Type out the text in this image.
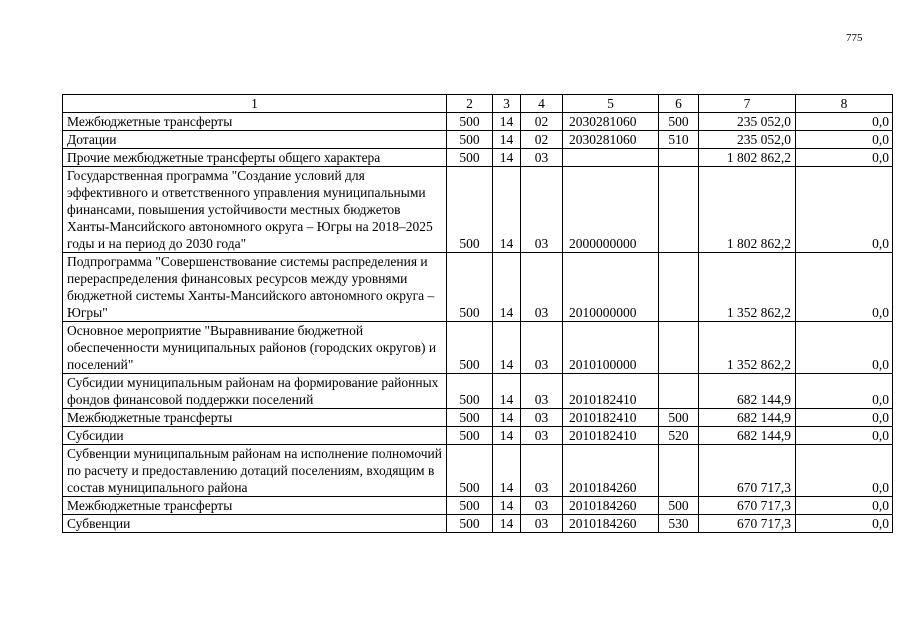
775
1	2	3	4	5	6	7	8
Межбюджетные трансферты	500	14	02	2030281060	500	235 052,0	0,0
Дотации	500	14	02	2030281060	510	235 052,0	0,0
Прочие межбюджетные трансферты общего характера	500	14	03			1 802 862,2	0,0
Государственная программа "Создание условий для эффективного и ответственного управления муниципальными финансами, повышения устойчивости местных бюджетов Ханты-Мансийского автономного округа – Югры на 2018–2025 годы и на период до 2030 года"	500	14	03	2000000000		1 802 862,2	0,0
Подпрограмма "Совершенствование системы распределения и перераспределения финансовых ресурсов между уровнями бюджетной системы Ханты-Мансийского автономного округа – Югры"	500	14	03	2010000000		1 352 862,2	0,0
Основное мероприятие "Выравнивание бюджетной обеспеченности муниципальных районов (городских округов) и поселений"	500	14	03	2010100000		1 352 862,2	0,0
Субсидии муниципальным районам на формирование районных фондов финансовой поддержки поселений	500	14	03	2010182410		682 144,9	0,0
Межбюджетные трансферты	500	14	03	2010182410	500	682 144,9	0,0
Субсидии	500	14	03	2010182410	520	682 144,9	0,0
Субвенции муниципальным районам на исполнение полномочий по расчету и предоставлению дотаций поселениям, входящим в состав муниципального района	500	14	03	2010184260		670 717,3	0,0
Межбюджетные трансферты	500	14	03	2010184260	500	670 717,3	0,0
Субвенции	500	14	03	2010184260	530	670 717,3	0,0
